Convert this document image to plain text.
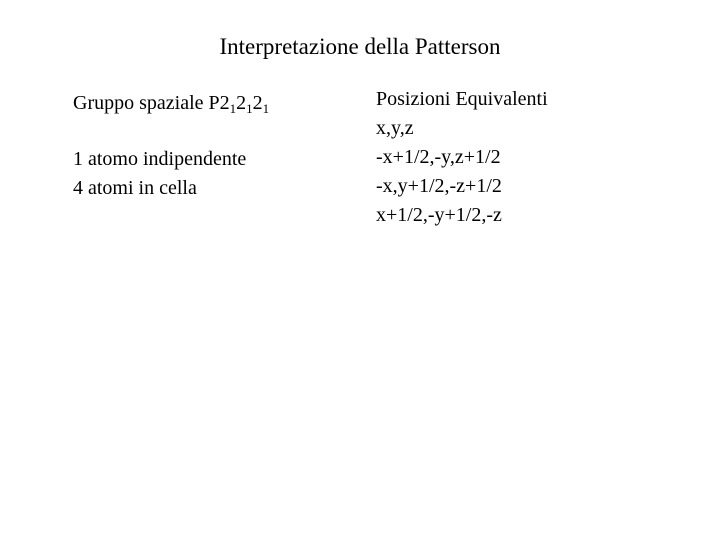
Interpretazione della Patterson
Gruppo spaziale $P2_12_12_1$
1 atomo indipendente
4 atomi in cella
Posizioni Equivalenti
x,y,z
-x+1/2,-y,z+1/2
-x,y+1/2,-z+1/2
x+1/2,-y+1/2,-z
